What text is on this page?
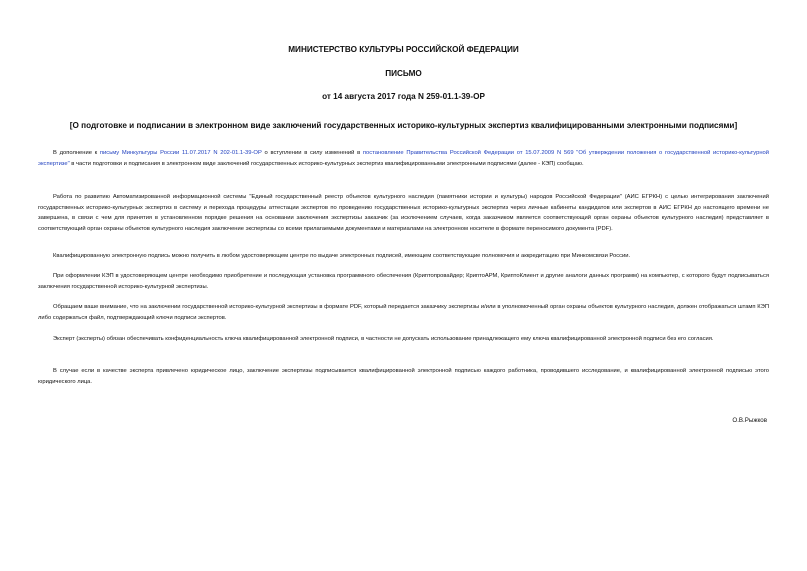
МИНИСТЕРСТВО КУЛЬТУРЫ РОССИЙСКОЙ ФЕДЕРАЦИИ
ПИСЬМО
от 14 августа 2017 года N 259-01.1-39-ОР
[О подготовке и подписании в электронном виде заключений государственных историко-культурных экспертиз квалифицированными электронными подписями]
В дополнение к письму Минкультуры России 11.07.2017 N 202-01.1-39-ОР о вступлении в силу изменений в постановление Правительства Российской Федерации от 15.07.2009 N 569 "Об утверждении положения о государственной историко-культурной экспертизе" в части подготовки и подписания в электронном виде заключений государственных историко-культурных экспертиз квалифицированными электронными подписями (далее - КЭП) сообщаю.
Работа по развитию Автоматизированной информационной системы "Единый государственный реестр объектов культурного наследия (памятники истории и культуры) народов Российской Федерации" (АИС ЕГРКН) с целью интегрирования заключений государственных историко-культурных экспертиз в систему и перехода процедуры аттестации экспертов по проведению государственных историко-культурных экспертиз через личные кабинеты кандидатов или экспертов в АИС ЕГРКН до настоящего времени не завершена, в связи с чем для принятия в установленном порядке решения на основании заключения экспертизы заказчик (за исключением случаев, когда заказчиком является соответствующий орган охраны объектов культурного наследия) представляет в соответствующий орган охраны объектов культурного наследия заключение экспертизы со всеми прилагаемыми документами и материалами на электронном носителе в формате переносимого документа (PDF).
Квалифицированную электронную подпись можно получить в любом удостоверяющем центре по выдаче электронных подписей, имеющем соответствующие полномочия и аккредитацию при Минкомсвязи России.
При оформлении КЭП в удостоверяющем центре необходимо приобретение и последующая установка программного обеспечения (Криптопровайдер; КриптоАРМ, КриптоКлиент и другие аналоги данных программ) на компьютер, с которого будут подписываться заключения государственной историко-культурной экспертизы.
Обращаем ваше внимание, что на заключении государственной историко-культурной экспертизы в формате PDF, который передается заказчику экспертизы и/или в уполномоченный орган охраны объектов культурного наследия, должен отображаться штамп КЭП либо содержаться файл, подтверждающий ключи подписи экспертов.
Эксперт (эксперты) обязан обеспечивать конфиденциальность ключа квалифицированной электронной подписи, в частности не допускать использование принадлежащего ему ключа квалифицированной электронной подписи без его согласия.
В случае если в качестве эксперта привлечено юридическое лицо, заключение экспертизы подписывается квалифицированной электронной подписью каждого работника, проводившего исследование, и квалифицированной электронной подписью этого юридического лица.
О.В.Рыжков
